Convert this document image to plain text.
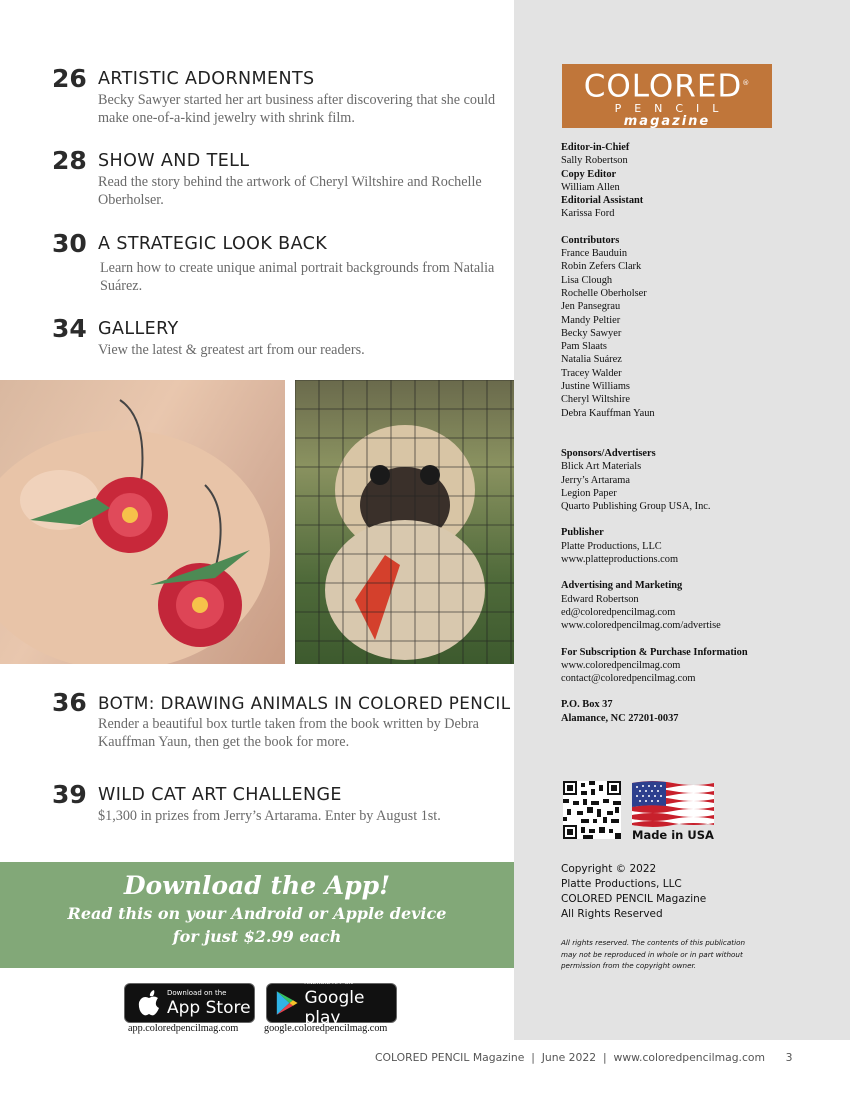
26 ARTISTIC ADORNMENTS
Becky Sawyer started her art business after discovering that she could make one-of-a-kind jewelry with shrink film.
28 SHOW AND TELL
Read the story behind the artwork of Cheryl Wiltshire and Rochelle Oberholser.
30 A STRATEGIC LOOK BACK
Learn how to create unique animal portrait backgrounds from Natalia Suárez.
34 GALLERY
View the latest & greatest art from our readers.
36 BOTM: DRAWING ANIMALS IN COLORED PENCIL
Render a beautiful box turtle taken from the book written by Debra Kauffman Yaun, then get the book for more.
39 WILD CAT ART CHALLENGE
$1,300 in prizes from Jerry’s Artarama. Enter by August 1st.
COLORED®
PENCIL
magazine
Editor-in-Chief
Sally Robertson
Copy Editor
William Allen
Editorial Assistant
Karissa Ford
Contributors
France Bauduin
Robin Zefers Clark
Lisa Clough
Rochelle Oberholser
Jen Pansegrau
Mandy Peltier
Becky Sawyer
Pam Slaats
Natalia Suárez
Tracey Walder
Justine Williams
Cheryl Wiltshire
Debra Kauffman Yaun
Sponsors/Advertisers
Blick Art Materials
Jerry’s Artarama
Legion Paper
Quarto Publishing Group USA, Inc.
Publisher
Platte Productions, LLC
www.platteproductions.com
Advertising and Marketing
Edward Robertson
ed@coloredpencilmag.com
www.coloredpencilmag.com/advertise
For Subscription & Purchase Information
www.coloredpencilmag.com
contact@coloredpencilmag.com
P.O. Box 37
Alamance, NC 27201-0037
Made in USA
Copyright © 2022
Platte Productions, LLC
COLORED PENCIL Magazine
All Rights Reserved
All rights reserved. The contents of this publication may not be reproduced in whole or in part without permission from the copyright owner.
Download the App!
Read this on your Android or Apple device
for just $2.99 each
Download on the
App Store
ANDROID APP ON
Google play
app.coloredpencilmag.com	google.coloredpencilmag.com
COLORED PENCIL Magazine  |  June 2022  |  www.coloredpencilmag.com      3
